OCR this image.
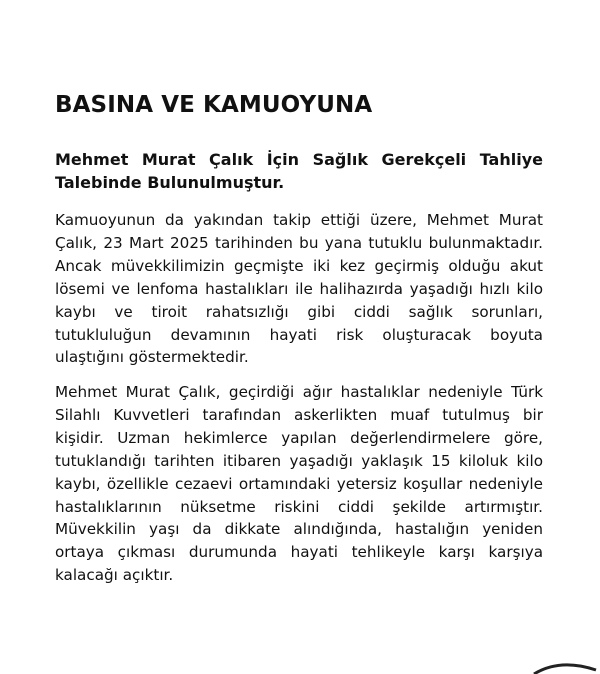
BASINA VE KAMUOYUNA

Mehmet Murat Çalık İçin Sağlık Gerekçeli Tahliye Talebinde Bulunulmuştur.

Kamuoyunun da yakından takip ettiği üzere, Mehmet Murat Çalık, 23 Mart 2025 tarihinden bu yana tutuklu bulunmaktadır. Ancak müvekkilimizin geçmişte iki kez geçirmiş olduğu akut lösemi ve lenfoma hastalıkları ile halihazırda yaşadığı hızlı kilo kaybı ve tiroit rahatsızlığı gibi ciddi sağlık sorunları, tutukluluğun devamının hayati risk oluşturacak boyuta ulaştığını göstermektedir.

Mehmet Murat Çalık, geçirdiği ağır hastalıklar nedeniyle Türk Silahlı Kuvvetleri tarafından askerlikten muaf tutulmuş bir kişidir. Uzman hekimlerce yapılan değerlendirmelere göre, tutuklandığı tarihten itibaren yaşadığı yaklaşık 15 kiloluk kilo kaybı, özellikle cezaevi ortamındaki yetersiz koşullar nedeniyle hastalıklarının nüksetme riskini ciddi şekilde artırmıştır. Müvekkilin yaşı da dikkate alındığında, hastalığın yeniden ortaya çıkması durumunda hayati tehlikeyle karşı karşıya kalacağı açıktır.
